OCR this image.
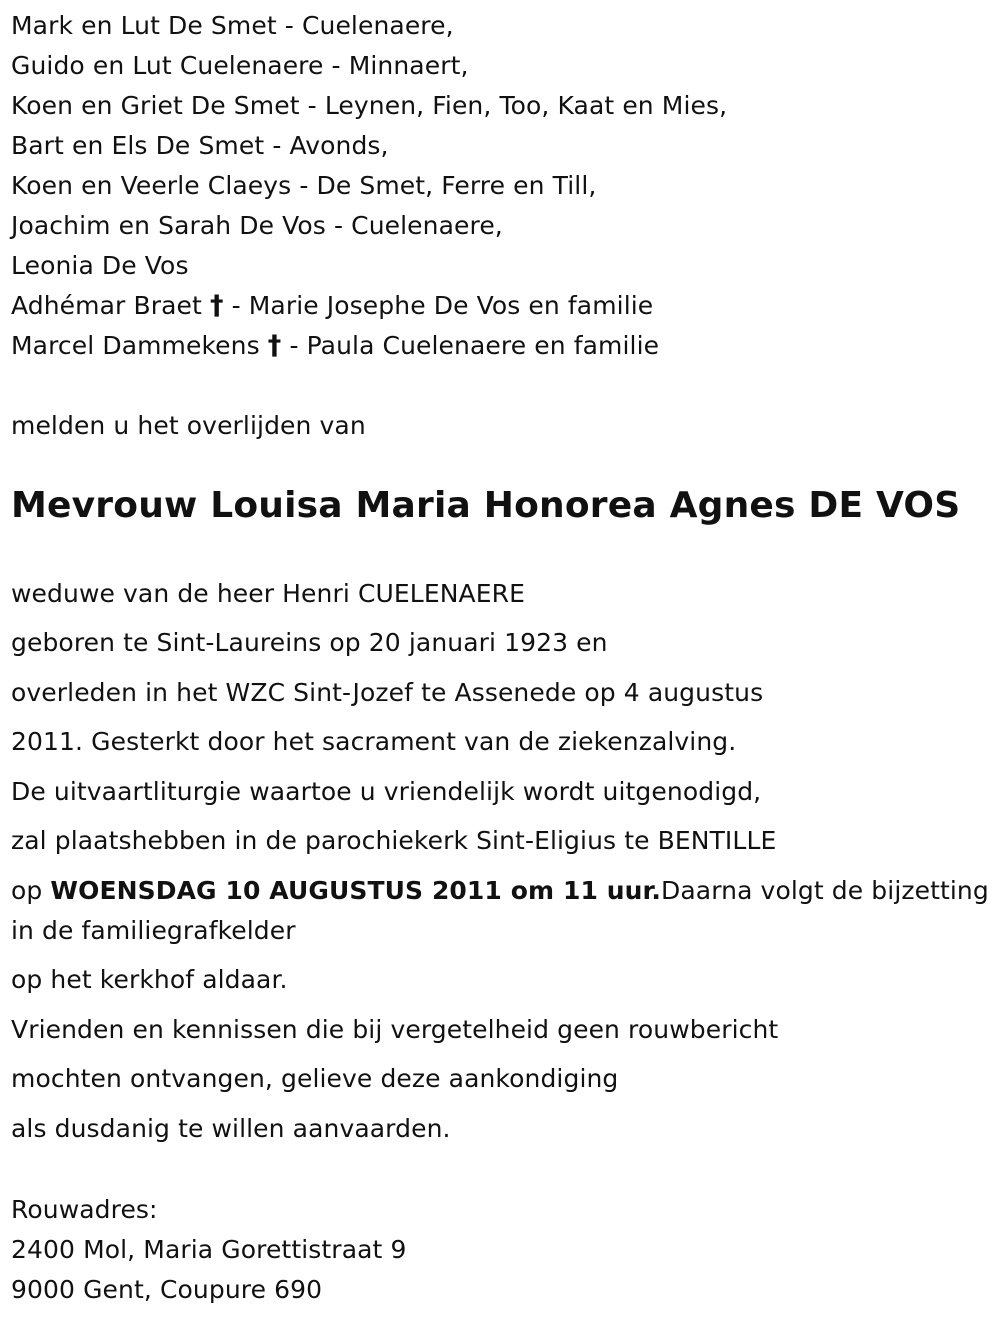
Mark en Lut De Smet - Cuelenaere,

Guido en Lut Cuelenaere - Minnaert,

Koen en Griet De Smet - Leynen, Fien, Too, Kaat en Mies,

Bart en Els De Smet - Avonds,

Koen en Veerle Claeys - De Smet, Ferre en Till,

Joachim en Sarah De Vos - Cuelenaere,

Leonia De Vos

Adhémar Braet † - Marie Josephe De Vos en familie

Marcel Dammekens † - Paula Cuelenaere en familie

melden u het overlijden van

Mevrouw Louisa Maria Honorea Agnes DE VOS

weduwe van de heer Henri CUELENAERE

geboren te Sint-Laureins op 20 januari 1923 en

overleden in het WZC Sint-Jozef te Assenede op 4 augustus

2011. Gesterkt door het sacrament van de ziekenzalving.

De uitvaartliturgie waartoe u vriendelijk wordt uitgenodigd,

zal plaatshebben in de parochiekerk Sint-Eligius te BENTILLE

op WOENSDAG 10 AUGUSTUS 2011 om 11 uur.Daarna volgt de bijzetting

in de familiegrafkelder

op het kerkhof aldaar.

Vrienden en kennissen die bij vergetelheid geen rouwbericht

mochten ontvangen, gelieve deze aankondiging

als dusdanig te willen aanvaarden.

Rouwadres:

2400 Mol, Maria Gorettistraat 9

9000 Gent, Coupure 690
